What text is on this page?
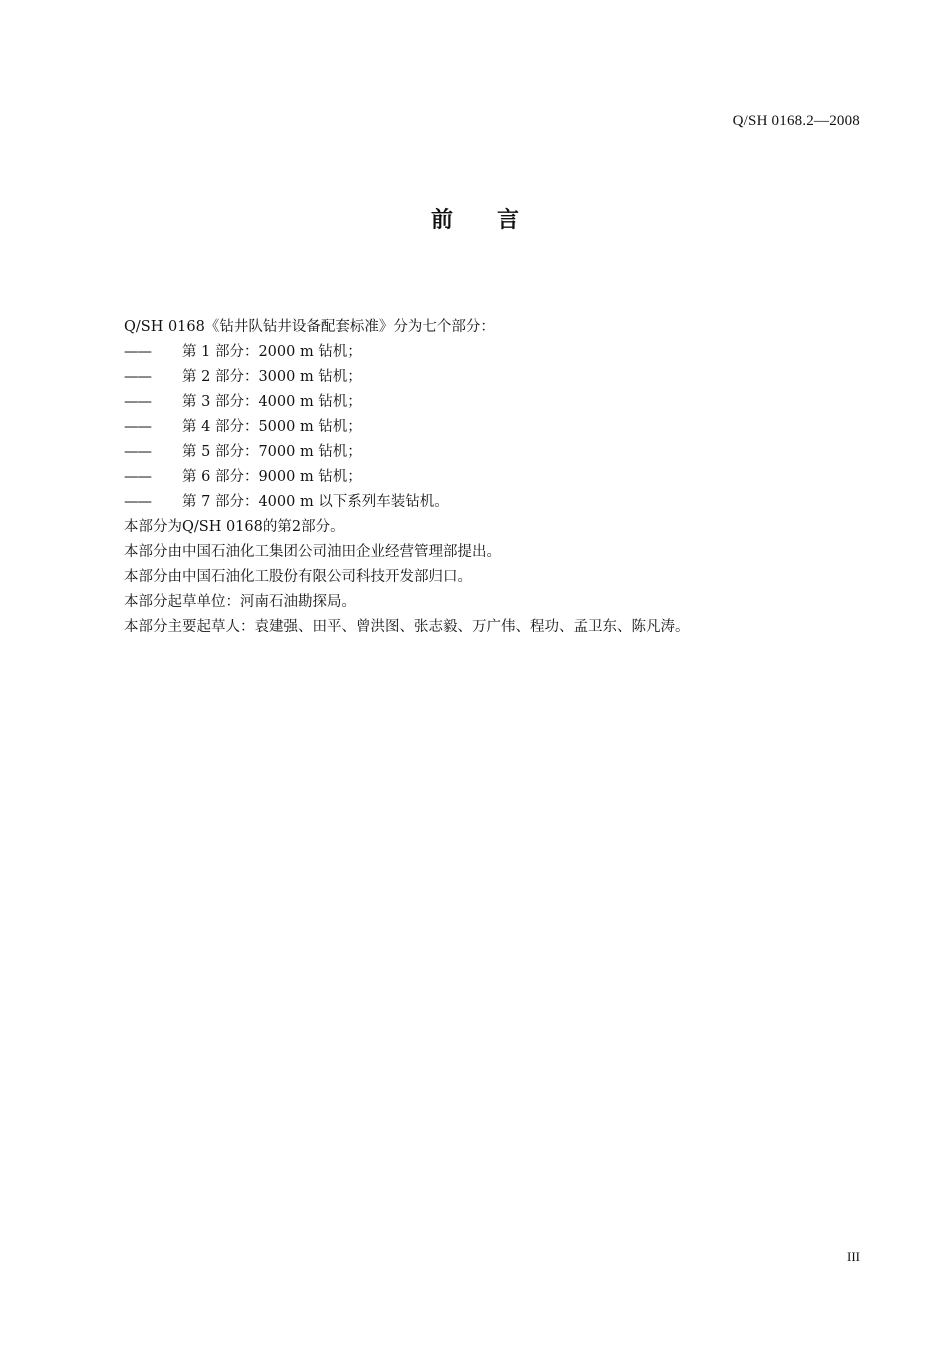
Q/SH 0168.2—2008
前 言
Q/SH 0168《钻井队钻井设备配套标准》分为七个部分：
—— 第 1 部分：2000 m 钻机；
—— 第 2 部分：3000 m 钻机；
—— 第 3 部分：4000 m 钻机；
—— 第 4 部分：5000 m 钻机；
—— 第 5 部分：7000 m 钻机；
—— 第 6 部分：9000 m 钻机；
—— 第 7 部分：4000 m 以下系列车装钻机。
本部分为Q/SH 0168的第2部分。
本部分由中国石油化工集团公司油田企业经营管理部提出。
本部分由中国石油化工股份有限公司科技开发部归口。
本部分起草单位：河南石油勘探局。
本部分主要起草人：袁建强、田平、曾洪图、张志毅、万广伟、程功、孟卫东、陈凡涛。
III
